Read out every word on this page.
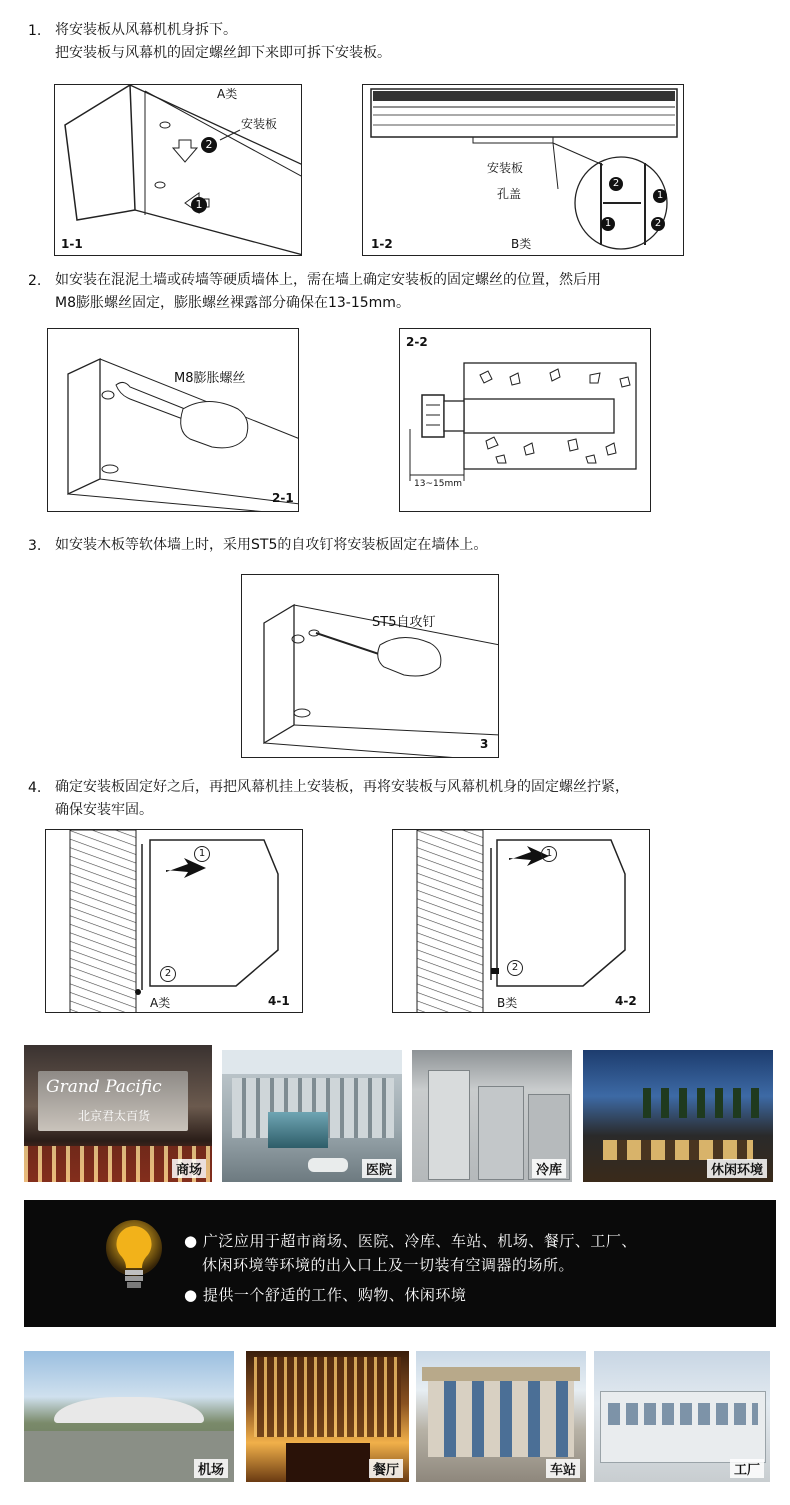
1. 将安装板从风幕机机身拆下。
把安装板与风幕机的固定螺丝卸下来即可拆下安装板。
A类
安装板
1-1
2
1
安装板
孔盖
B类
1-2
2
1
1	2
2. 如安装在混泥土墙或砖墙等硬质墙体上，需在墙上确定安装板的固定螺丝的位置，然后用
M8膨胀螺丝固定，膨胀螺丝裸露部分确保在13-15mm。
M8膨胀螺丝
2-1
2-2
13~15mm
3. 如安装木板等软体墙上时，采用ST5的自攻钉将安装板固定在墙体上。
ST5自攻钉
3
4. 确定安装板固定好之后，再把风幕机挂上安装板，再将安装板与风幕机机身的固定螺丝拧紧，
确保安装牢固。
1
2
A类	4-1
1
2
B类	4-2
Grand Pacific
北京君太百货
商场	医院	冷库	休闲环境
● 广泛应用于超市商场、医院、冷库、车站、机场、餐厅、工厂、
休闲环境等环境的出入口上及一切装有空调器的场所。
● 提供一个舒适的工作、购物、休闲环境
机场	餐厅	车站	工厂
